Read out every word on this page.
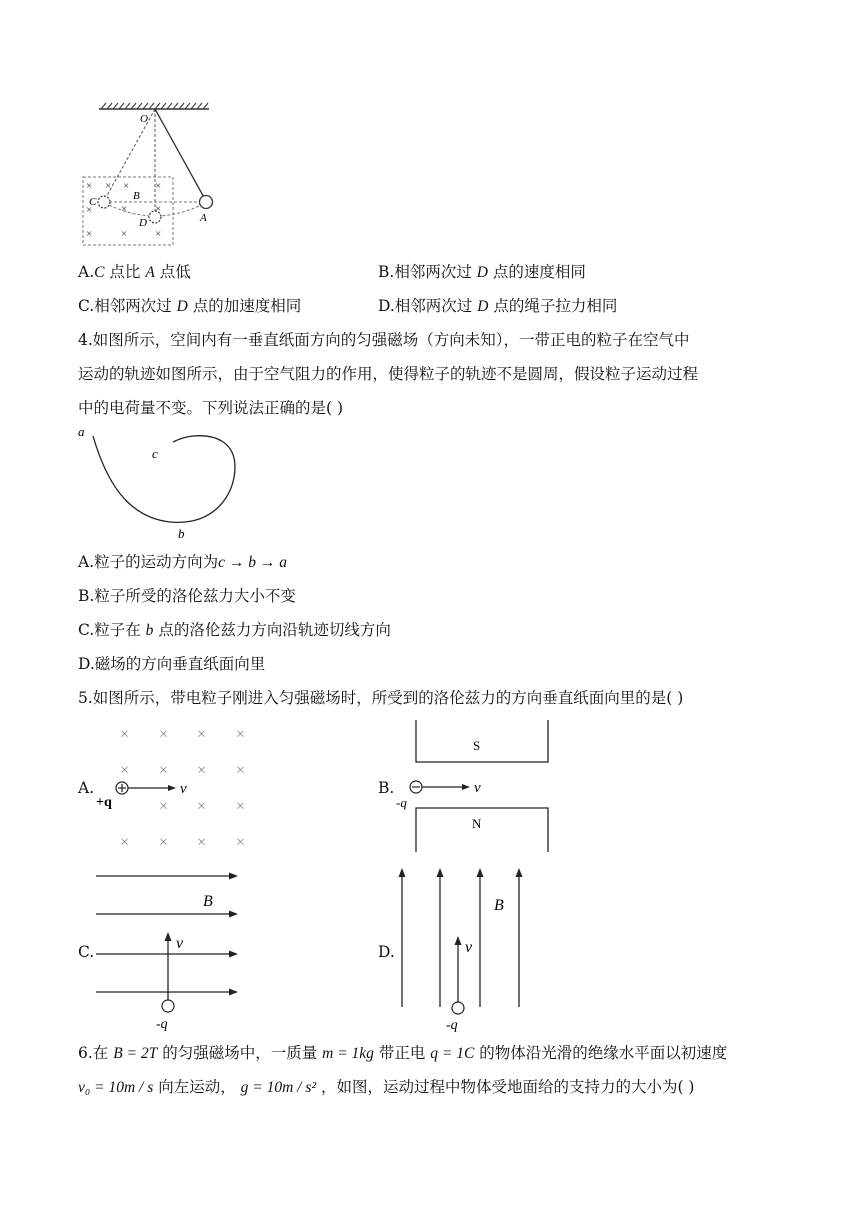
× × × ×
×	×	×
×	×	×
O
B
C
D	A
A.C 点比 A 点低	B.相邻两次过 D 点的速度相同
C.相邻两次过 D 点的加速度相同	D.相邻两次过 D 点的绳子拉力相同
4.如图所示，空间内有一垂直纸面方向的匀强磁场（方向未知），一带正电的粒子在空气中
运动的轨迹如图所示，由于空气阻力的作用，使得粒子的轨迹不是圆周，假设粒子运动过程
中的电荷量不变。下列说法正确的是( )
a
c
b
A.粒子的运动方向为c → b → a
B.粒子所受的洛伦兹力大小不变
C.粒子在 b 点的洛伦兹力方向沿轨迹切线方向
D.磁场的方向垂直纸面向里
5.如图所示，带电粒子刚进入匀强磁场时，所受到的洛伦兹力的方向垂直纸面向里的是( )
A.
× × × ×
× × × ×
× × ×
× × × ×
v
+q
B.
S
N
v
-q
C.
B
v
-q
D.
B
v
-q
6.在 B = 2T 的匀强磁场中，一质量 m = 1kg 带正电 q = 1C 的物体沿光滑的绝缘水平面以初速度
v₀ = 10m / s 向左运动， g = 10m / s² ，如图，运动过程中物体受地面给的支持力的大小为( )
